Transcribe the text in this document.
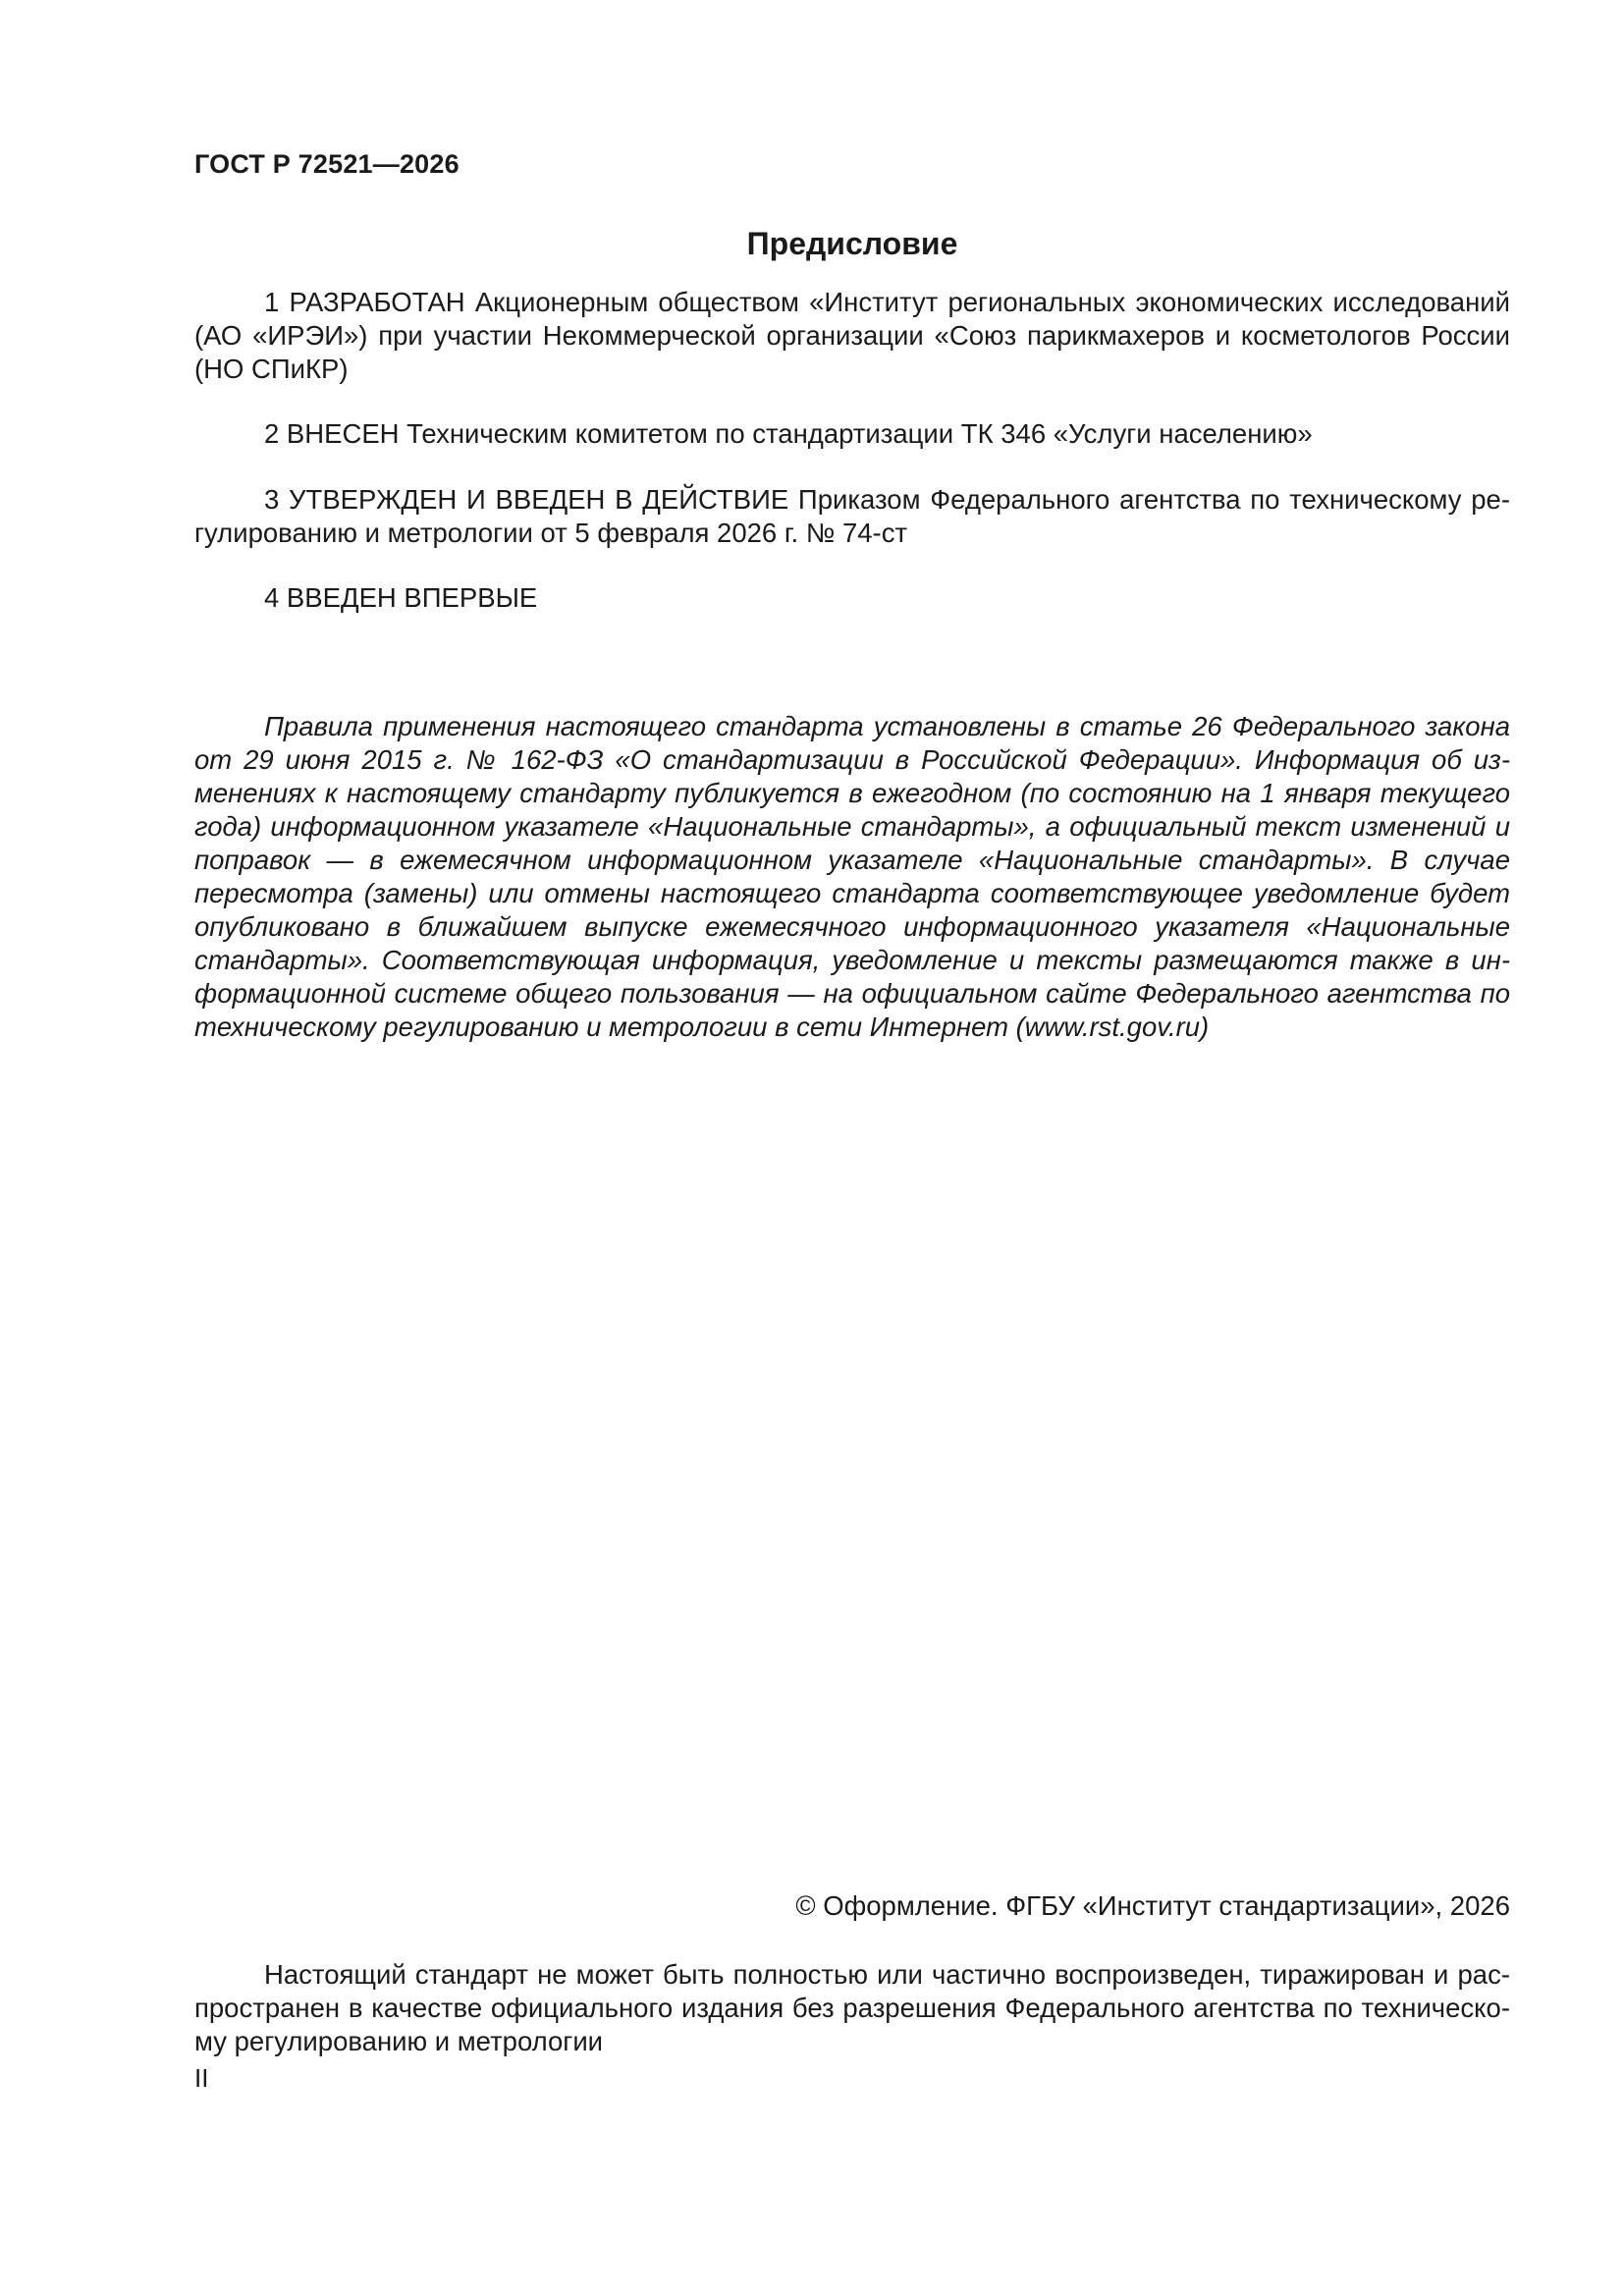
ГОСТ Р 72521—2026
Предисловие

1 РАЗРАБОТАН Акционерным обществом «Институт региональных экономических исследований (АО «ИРЭИ») при участии Некоммерческой организации «Союз парикмахеров и косметологов России (НО СПиКР)

2 ВНЕСЕН Техническим комитетом по стандартизации ТК 346 «Услуги населению»

3 УТВЕРЖДЕН И ВВЕДЕН В ДЕЙСТВИЕ Приказом Федерального агентства по техническому регулированию и метрологии от 5 февраля 2026 г. № 74-ст

4 ВВЕДЕН ВПЕРВЫЕ

Правила применения настоящего стандарта установлены в статье 26 Федерального закона от 29 июня 2015 г. № 162-ФЗ «О стандартизации в Российской Федерации». Информация об изменениях к настоящему стандарту публикуется в ежегодном (по состоянию на 1 января текущего года) информационном указателе «Национальные стандарты», а официальный текст изменений и поправок — в ежемесячном информационном указателе «Национальные стандарты». В случае пересмотра (замены) или отмены настоящего стандарта соответствующее уведомление будет опубликовано в ближайшем выпуске ежемесячного информационного указателя «Национальные стандарты». Соответствующая информация, уведомление и тексты размещаются также в информационной системе общего пользования — на официальном сайте Федерального агентства по техническому регулированию и метрологии в сети Интернет (www.rst.gov.ru)

© Оформление. ФГБУ «Институт стандартизации», 2026

Настоящий стандарт не может быть полностью или частично воспроизведен, тиражирован и распространен в качестве официального издания без разрешения Федерального агентства по техническому регулированию и метрологии

II
